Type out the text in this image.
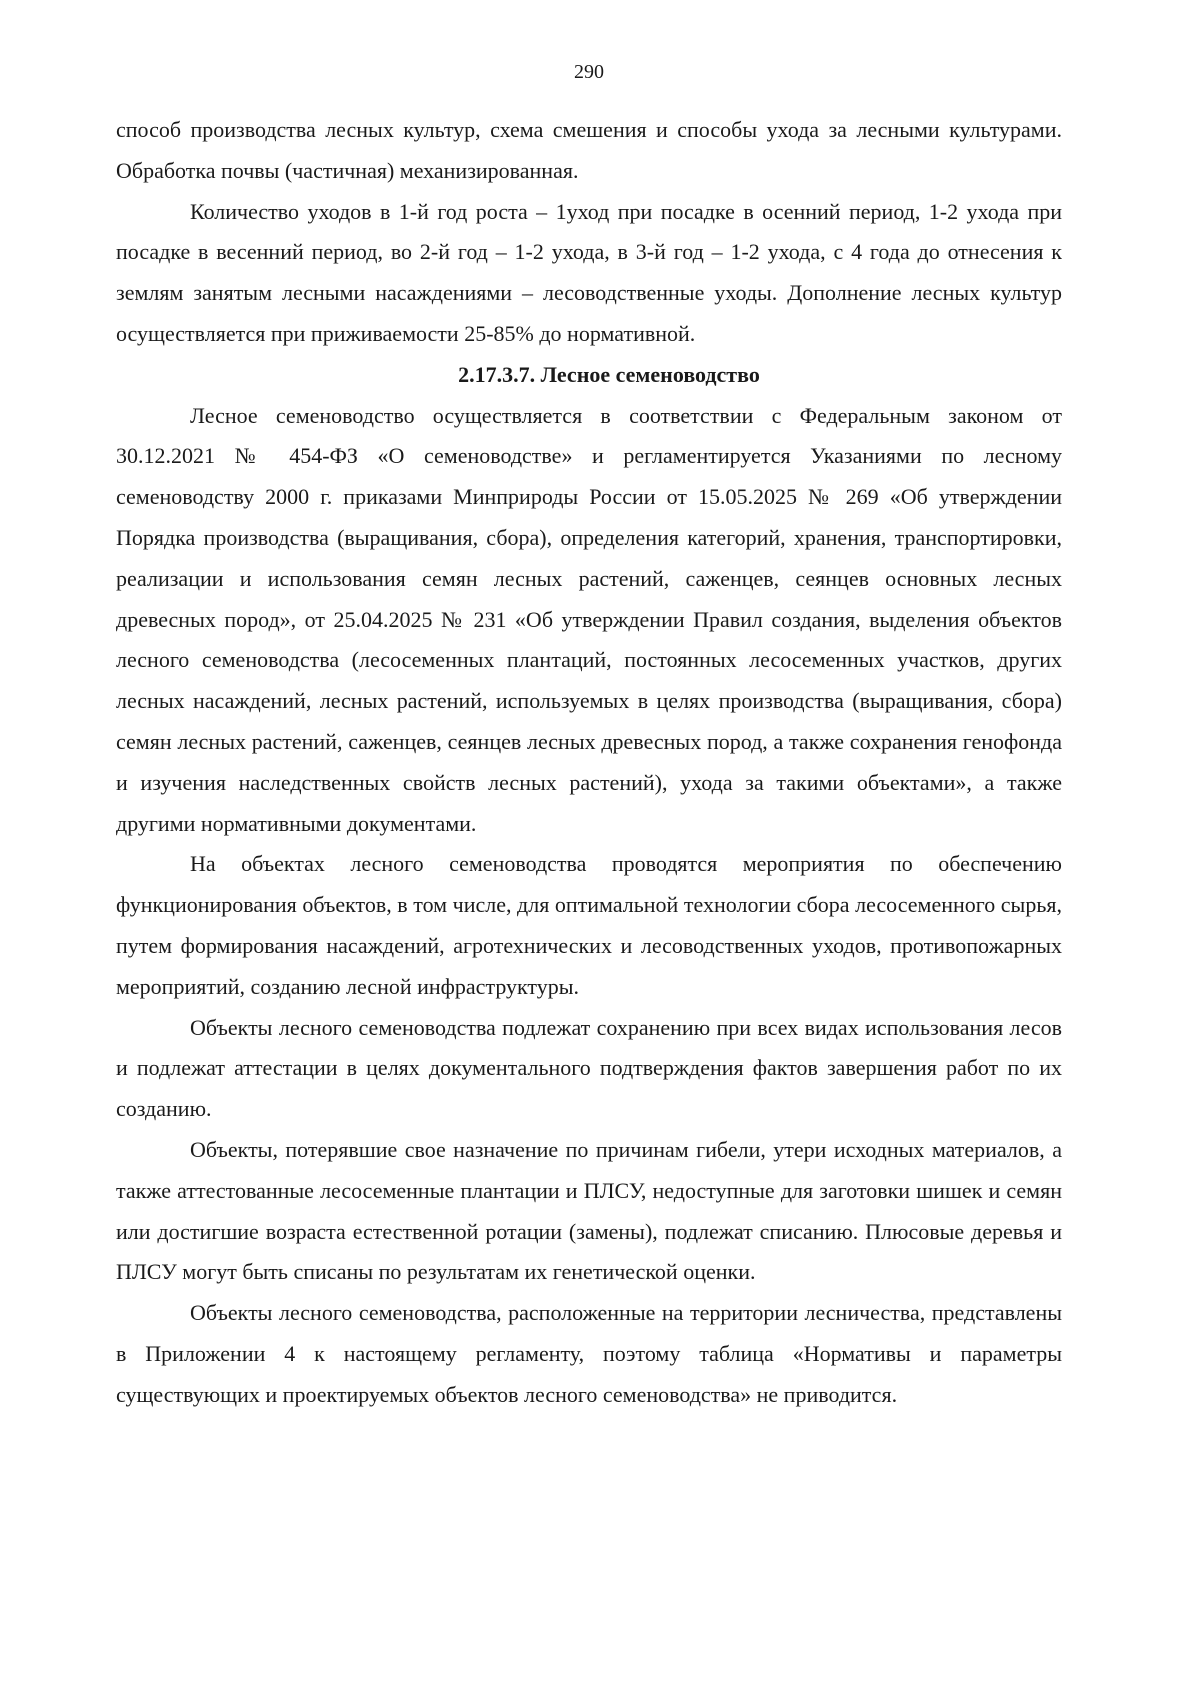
290

способ производства лесных культур, схема смешения и способы ухода за лесными культурами. Обработка почвы (частичная) механизированная.

Количество уходов в 1-й год роста – 1уход при посадке в осенний период, 1-2 ухода при посадке в весенний период, во 2-й год – 1-2 ухода, в 3-й год – 1-2 ухода, с 4 года до отнесения к землям занятым лесными насаждениями – лесоводственные уходы. Дополнение лесных культур осуществляется при приживаемости 25-85% до нормативной.

2.17.3.7. Лесное семеноводство

Лесное семеноводство осуществляется в соответствии с Федеральным законом от 30.12.2021 № 454-ФЗ «О семеноводстве» и регламентируется Указаниями по лесному семеноводству 2000 г. приказами Минприроды России от 15.05.2025 № 269 «Об утверждении Порядка производства (выращивания, сбора), определения категорий, хранения, транспортировки, реализации и использования семян лесных растений, саженцев, сеянцев основных лесных древесных пород», от 25.04.2025 № 231 «Об утверждении Правил создания, выделения объектов лесного семеноводства (лесосеменных плантаций, постоянных лесосеменных участков, других лесных насаждений, лесных растений, используемых в целях производства (выращивания, сбора) семян лесных растений, саженцев, сеянцев лесных древесных пород, а также сохранения генофонда и изучения наследственных свойств лесных растений), ухода за такими объектами», а также другими нормативными документами.

На объектах лесного семеноводства проводятся мероприятия по обеспечению функционирования объектов, в том числе, для оптимальной технологии сбора лесосеменного сырья, путем формирования насаждений, агротехнических и лесоводственных уходов, противопожарных мероприятий, созданию лесной инфраструктуры.

Объекты лесного семеноводства подлежат сохранению при всех видах использования лесов и подлежат аттестации в целях документального подтверждения фактов завершения работ по их созданию.

Объекты, потерявшие свое назначение по причинам гибели, утери исходных материалов, а также аттестованные лесосеменные плантации и ПЛСУ, недоступные для заготовки шишек и семян или достигшие возраста естественной ротации (замены), подлежат списанию. Плюсовые деревья и ПЛСУ могут быть списаны по результатам их генетической оценки.

Объекты лесного семеноводства, расположенные на территории лесничества, представлены в Приложении 4 к настоящему регламенту, поэтому таблица «Нормативы и параметры существующих и проектируемых объектов лесного семеноводства» не приводится.
